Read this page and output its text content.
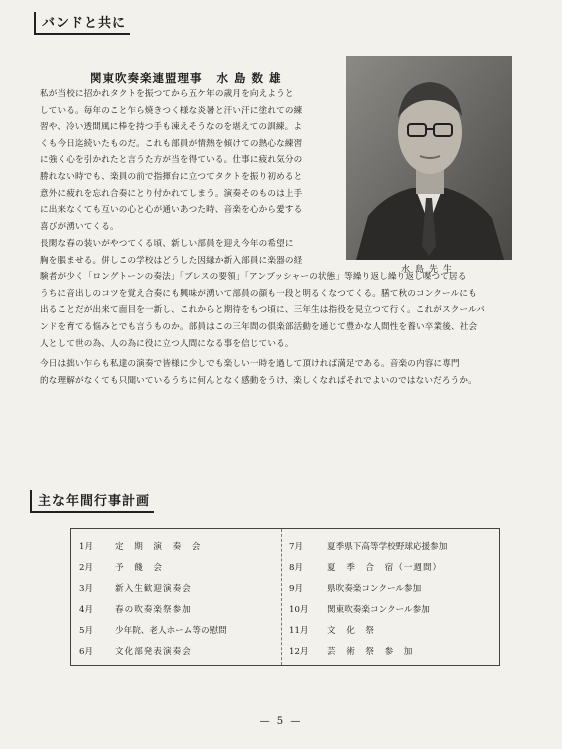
バンドと共に
関東吹奏楽連盟理事 水島数雄
水島先生
私が当校に招かれタクトを振つてから五ケ年の歳月を向えようと
している。毎年のこと乍ら焼きつく様な炎暑と汗い汗に塗れての練
習や、冷い透間風に棒を持つ手も凍えそうなのを堪えての訓練。よ
くも今日迄続いたものだ。これも部員が情熱を傾けての熱心な練習
に強く心を引かれたと言うた方が当を得ている。仕事に疲れ気分の
勝れない時でも、楽員の前で指揮台に立つてタクトを振り初めると
意外に疲れを忘れ合奏にとり付かれてしまう。演奏そのものは上手
に出来なくても互いの心と心が通いあつた時、音楽を心から愛する
喜びが湧いてくる。
長閑な春の装いがやつてくる頃、新しい部員を迎え今年の希望に
胸を脹ませる。併しこの学校はどうした因縁か新入部員に楽器の経
験者が少く「ロングトーンの奏法」「ブレスの要領」「アンブッシャーの状態」等繰り返し繰り返し喋つて居る
うちに音出しのコツを覚え合奏にも興味が湧いて部員の顔も一段と明るくなつてくる。膳て秋のコンクールにも
出ることだが出来て面目を一新し、これからと期待をもつ頃に、三年生は指役を見立つて行く。これがスクールバ
ンドを育てる悩みとでも言うものか。部員はこの三年間の倶楽部活動を通じて豊かな人間性を養い卒業後、社会
人として世の為、人の為に役に立つ人間になる事を信じている。
今日は拙い乍らも私達の演奏で皆様に少しでも楽しい一時を過して頂ければ満足である。音楽の内容に専門
的な理解がなくても只聞いているうちに何んとなく感動をうけ、楽しくなればそれでよいのではないだろうか。
主な年間行事計画
1月	定　期　演　奏　会
2月	予　餞　会
3月	新入生歓迎演奏会
4月	春の吹奏楽祭参加
5月	少年院、老人ホーム等の慰問
6月	文化部発表演奏会
7月	夏季県下高等学校野球応援参加
8月	夏　季　合　宿（一週間）
9月	県吹奏楽コンクール参加
10月	関東吹奏楽コンクール参加
11月	文　化　祭
12月	芸　術　祭　参　加
— 5 —
